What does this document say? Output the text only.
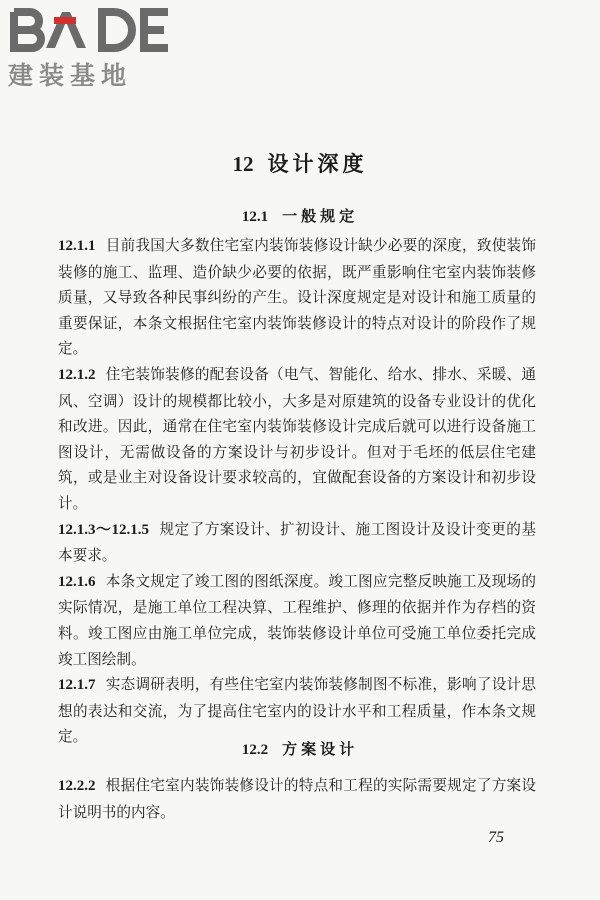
建装基地
12 设计深度
12.1 一般规定

12.1.1 目前我国大多数住宅室内装饰装修设计缺少必要的深度，致使装饰装修的施工、监理、造价缺少必要的依据，既严重影响住宅室内装饰装修质量，又导致各种民事纠纷的产生。设计深度规定是对设计和施工质量的重要保证，本条文根据住宅室内装饰装修设计的特点对设计的阶段作了规定。

12.1.2 住宅装饰装修的配套设备（电气、智能化、给水、排水、采暖、通风、空调）设计的规模都比较小，大多是对原建筑的设备专业设计的优化和改进。因此，通常在住宅室内装饰装修设计完成后就可以进行设备施工图设计，无需做设备的方案设计与初步设计。但对于毛坯的低层住宅建筑，或是业主对设备设计要求较高的，宜做配套设备的方案设计和初步设计。

12.1.3～12.1.5 规定了方案设计、扩初设计、施工图设计及设计变更的基本要求。

12.1.6 本条文规定了竣工图的图纸深度。竣工图应完整反映施工及现场的实际情况，是施工单位工程决算、工程维护、修理的依据并作为存档的资料。竣工图应由施工单位完成，装饰装修设计单位可受施工单位委托完成竣工图绘制。

12.1.7 实态调研表明，有些住宅室内装饰装修制图不标准，影响了设计思想的表达和交流，为了提高住宅室内的设计水平和工程质量，作本条文规定。

12.2 方案设计

12.2.2 根据住宅室内装饰装修设计的特点和工程的实际需要规定了方案设计说明书的内容。

75
